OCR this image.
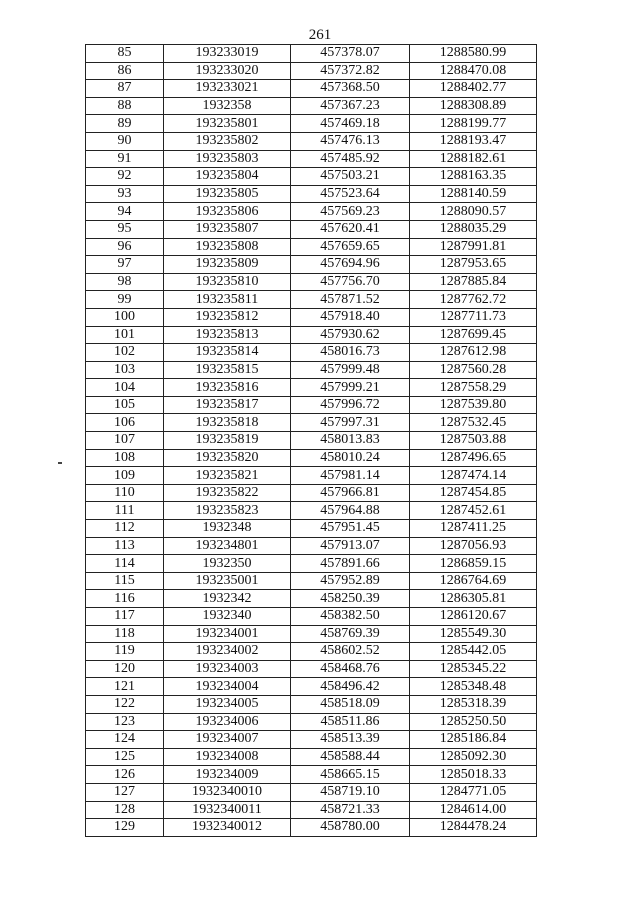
261
85	193233019	457378.07	1288580.99
86	193233020	457372.82	1288470.08
87	193233021	457368.50	1288402.77
88	1932358	457367.23	1288308.89
89	193235801	457469.18	1288199.77
90	193235802	457476.13	1288193.47
91	193235803	457485.92	1288182.61
92	193235804	457503.21	1288163.35
93	193235805	457523.64	1288140.59
94	193235806	457569.23	1288090.57
95	193235807	457620.41	1288035.29
96	193235808	457659.65	1287991.81
97	193235809	457694.96	1287953.65
98	193235810	457756.70	1287885.84
99	193235811	457871.52	1287762.72
100	193235812	457918.40	1287711.73
101	193235813	457930.62	1287699.45
102	193235814	458016.73	1287612.98
103	193235815	457999.48	1287560.28
104	193235816	457999.21	1287558.29
105	193235817	457996.72	1287539.80
106	193235818	457997.31	1287532.45
107	193235819	458013.83	1287503.88
108	193235820	458010.24	1287496.65
109	193235821	457981.14	1287474.14
110	193235822	457966.81	1287454.85
111	193235823	457964.88	1287452.61
112	1932348	457951.45	1287411.25
113	193234801	457913.07	1287056.93
114	1932350	457891.66	1286859.15
115	193235001	457952.89	1286764.69
116	1932342	458250.39	1286305.81
117	1932340	458382.50	1286120.67
118	193234001	458769.39	1285549.30
119	193234002	458602.52	1285442.05
120	193234003	458468.76	1285345.22
121	193234004	458496.42	1285348.48
122	193234005	458518.09	1285318.39
123	193234006	458511.86	1285250.50
124	193234007	458513.39	1285186.84
125	193234008	458588.44	1285092.30
126	193234009	458665.15	1285018.33
127	1932340010	458719.10	1284771.05
128	1932340011	458721.33	1284614.00
129	1932340012	458780.00	1284478.24
